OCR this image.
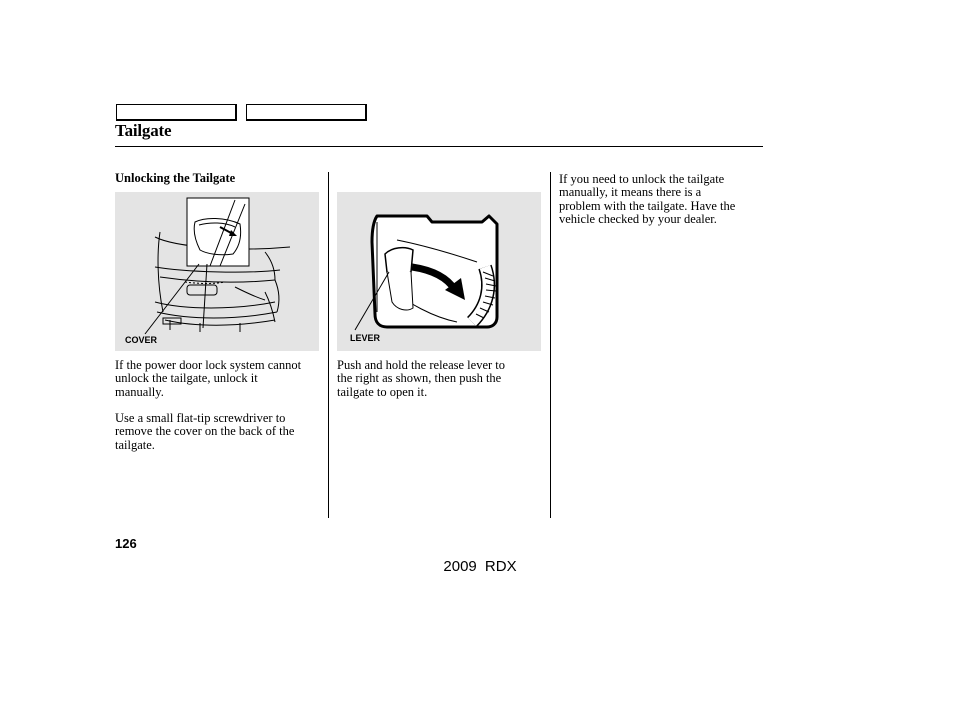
Tailgate
Unlocking the Tailgate
COVER	LEVER

If the power door lock system cannot
unlock the tailgate, unlock it
manually.

Use a small flat-tip screwdriver to
remove the cover on the back of the
tailgate.

Push and hold the release lever to
the right as shown, then push the
tailgate to open it.

If you need to unlock the tailgate
manually, it means there is a
problem with the tailgate. Have the
vehicle checked by your dealer.

126
2009 RDX
